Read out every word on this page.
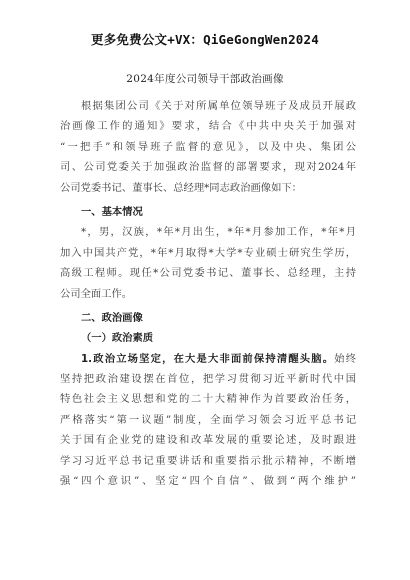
更多免费公文+VX：QiGeGongWen2024
2024年度公司领导干部政治画像
根据集团公司《关于对所属单位领导班子及成员开展政
治画像工作的通知》要求，结合《中共中央关于加强对
“一把手”和领导班子监督的意见》，以及中央、集团公
司、公司党委关于加强政治监督的部署要求，现对2024年
公司党委书记、董事长、总经理*同志政治画像如下：
一、基本情况
*，男，汉族，*年*月出生，*年*月参加工作，*年*月
加入中国共产党，*年*月取得*大学*专业硕士研究生学历，
高级工程师。现任*公司党委书记、董事长、总经理，主持
公司全面工作。
二、政治画像
（一）政治素质
1.政治立场坚定，在大是大非面前保持清醒头脑。始终
坚持把政治建设摆在首位，把学习贯彻习近平新时代中国
特色社会主义思想和党的二十大精神作为首要政治任务，
严格落实“第一议题”制度，全面学习领会习近平总书记
关于国有企业党的建设和改革发展的重要论述，及时跟进
学习习近平总书记重要讲话和重要指示批示精神，不断增
强“四个意识”、坚定“四个自信”、做到“两个维护”
